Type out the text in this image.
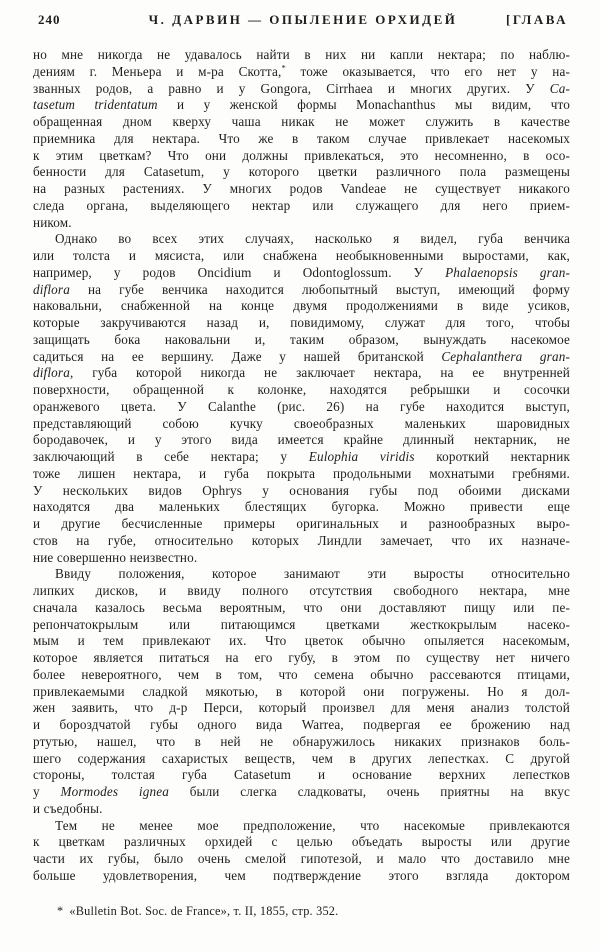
240	Ч. ДАРВИН — ОПЫЛЕНИЕ ОРХИДЕЙ	[ГЛАВА
но мне никогда не удавалось найти в них ни капли нектара; по наблю-
дениям г. Меньера и м-ра Скотта,* тоже оказывается, что его нет у на-
званных родов, а равно и у Gongora, Cirrhaea и многих других. У Ca-
tasetum tridentatum и у женской формы Monachanthus мы видим, что
обращенная дном кверху чаша никак не может служить в качестве
приемника для нектара. Что же в таком случае привлекает насекомых
к этим цветкам? Что они должны привлекаться, это несомненно, в осо-
бенности для Catasetum, у которого цветки различного пола размещены
на разных растениях. У многих родов Vandeae не существует никакого
следа органа, выделяющего нектар или служащего для него прием-
ником.
Однако во всех этих случаях, насколько я видел, губа венчика
или толста и мясиста, или снабжена необыкновенными выростами, как,
например, у родов Oncidium и Odontoglossum. У Phalaenopsis gran-
diflora на губе венчика находится любопытный выступ, имеющий форму
наковальни, снабженной на конце двумя продолжениями в виде усиков,
которые закручиваются назад и, повидимому, служат для того, чтобы
защищать бока наковальни и, таким образом, вынуждать насекомое
садиться на ее вершину. Даже у нашей британской Cephalanthera gran-
diflora, губа которой никогда не заключает нектара, на ее внутренней
поверхности, обращенной к колонке, находятся ребрышки и сосочки
оранжевого цвета. У Calanthe (рис. 26) на губе находится выступ,
представляющий собою кучку своеобразных маленьких шаровидных
бородавочек, и у этого вида имеется крайне длинный нектарник, не
заключающий в себе нектара; у Eulophia viridis короткий нектарник
тоже лишен нектара, и губа покрыта продольными мохнатыми гребнями.
У нескольких видов Ophrys у основания губы под обоими дисками
находятся два маленьких блестящих бугорка. Можно привести еще
и другие бесчисленные примеры оригинальных и разнообразных выро-
стов на губе, относительно которых Линдли замечает, что их назначе-
ние совершенно неизвестно.
Ввиду положения, которое занимают эти выросты относительно
липких дисков, и ввиду полного отсутствия свободного нектара, мне
сначала казалось весьма вероятным, что они доставляют пищу или пе-
репончатокрылым или питающимся цветками жесткокрылым насеко-
мым и тем привлекают их. Что цветок обычно опыляется насекомым,
которое является питаться на его губу, в этом по существу нет ничего
более невероятного, чем в том, что семена обычно рассеваются птицами,
привлекаемыми сладкой мякотью, в которой они погружены. Но я дол-
жен заявить, что д-р Перси, который произвел для меня анализ толстой
и бороздчатой губы одного вида Warrea, подвергая ее брожению над
ртутью, нашел, что в ней не обнаружилось никаких признаков боль-
шего содержания сахаристых веществ, чем в других лепестках. С другой
стороны, толстая губа Catasetum и основание верхних лепестков
у Mormodes ignea были слегка сладковаты, очень приятны на вкус
и съедобны.
Тем не менее мое предположение, что насекомые привлекаются
к цветкам различных орхидей с целью объедать выросты или другие
части их губы, было очень смелой гипотезой, и мало что доставило мне
больше удовлетворения, чем подтверждение этого взгляда доктором
* «Bulletin Bot. Soc. de France», т. II, 1855, стр. 352.
